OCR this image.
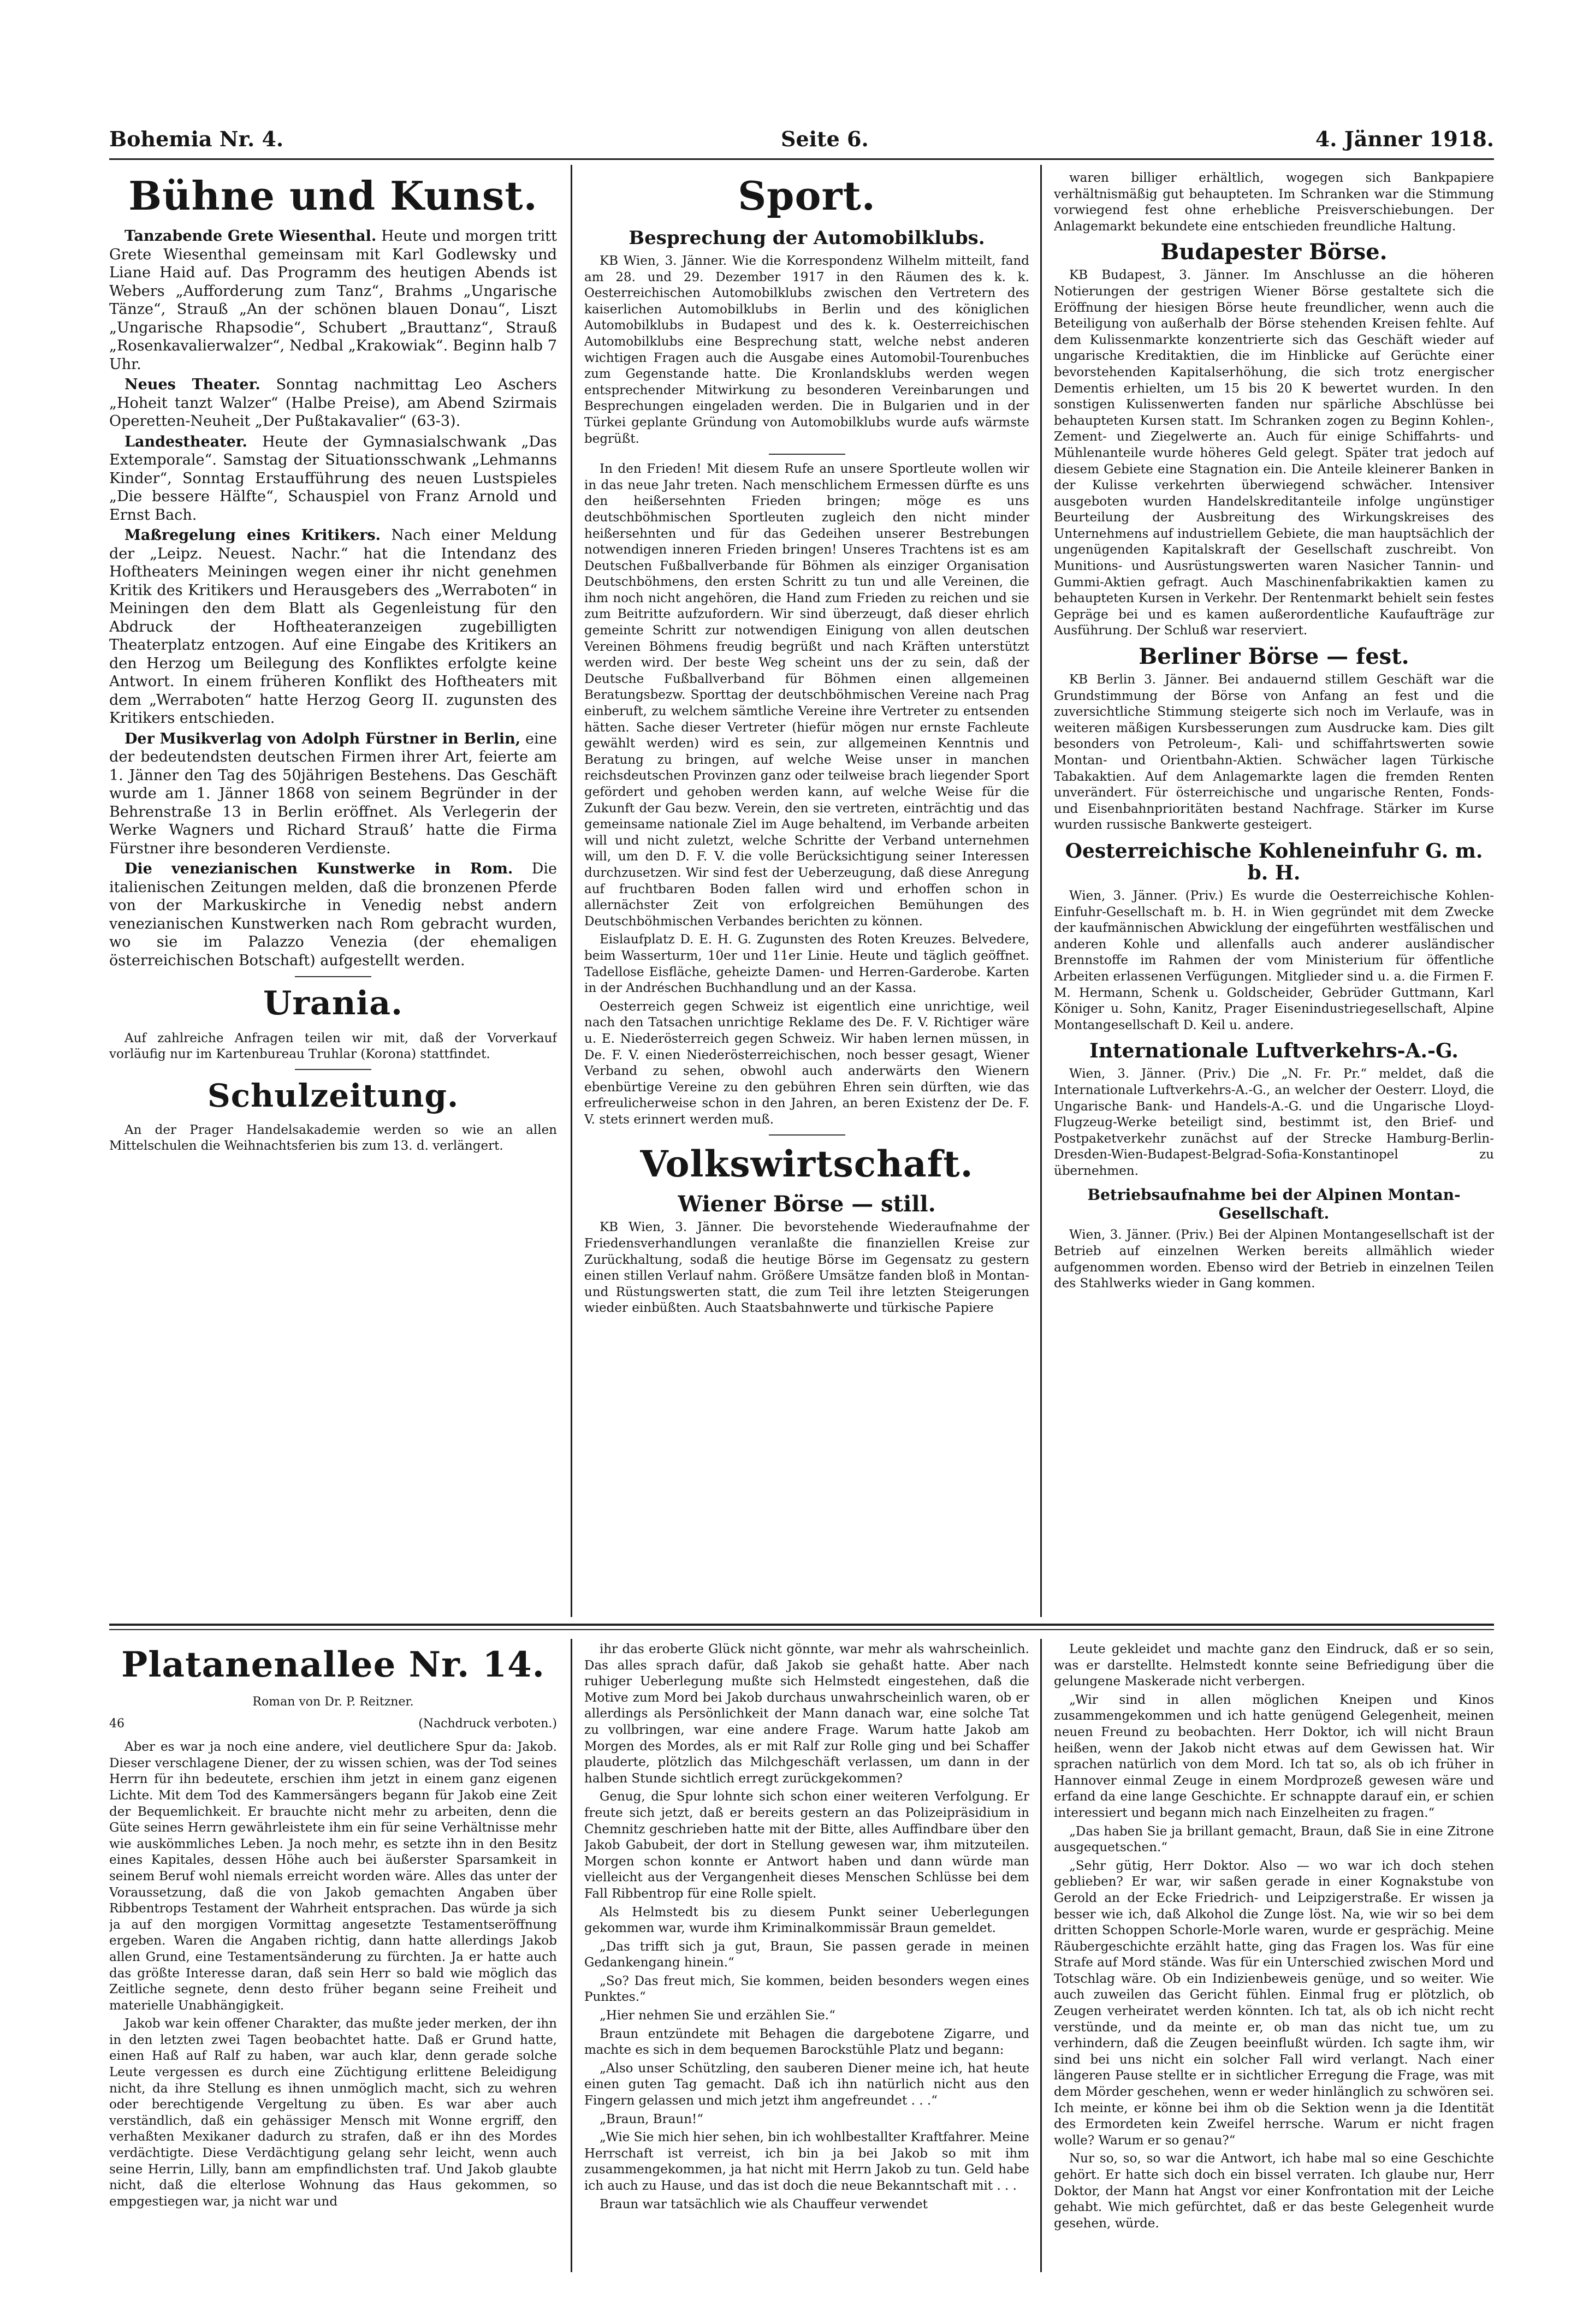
Bohemia Nr. 4.	Seite 6.	4. Jänner 1918.
Bühne und Kunst.

Tanzabende Grete Wiesenthal. Heute und morgen tritt Grete Wiesenthal gemeinsam mit Karl Godlewsky und Liane Haid auf. Das Programm des heutigen Abends ist Webers „Aufforderung zum Tanz“, Brahms „Ungarische Tänze“, Strauß „An der schönen blauen Donau“, Liszt „Ungarische Rhapsodie“, Schubert „Brauttanz“, Strauß „Rosenkavalierwalzer“, Nedbal „Krakowiak“. Beginn halb 7 Uhr.

Neues Theater. Sonntag nachmittag Leo Aschers „Hoheit tanzt Walzer“ (Halbe Preise), am Abend Szirmais Operetten-Neuheit „Der Pußtakavalier“ (63-3).

Landestheater. Heute der Gymnasialschwank „Das Extemporale“. Samstag der Situationsschwank „Lehmanns Kinder“, Sonntag Erstaufführung des neuen Lustspieles „Die bessere Hälfte“, Schauspiel von Franz Arnold und Ernst Bach.

Maßregelung eines Kritikers. Nach einer Meldung der „Leipz. Neuest. Nachr.“ hat die Intendanz des Hoftheaters Meiningen wegen einer ihr nicht genehmen Kritik des Kritikers und Herausgebers des „Werraboten“ in Meiningen den dem Blatt als Gegenleistung für den Abdruck der Hoftheateranzeigen zugebilligten Theaterplatz entzogen. Auf eine Eingabe des Kritikers an den Herzog um Beilegung des Konfliktes erfolgte keine Antwort. In einem früheren Konflikt des Hoftheaters mit dem „Werraboten“ hatte Herzog Georg II. zugunsten des Kritikers entschieden.

Der Musikverlag von Adolph Fürstner in Berlin, eine der bedeutendsten deutschen Firmen ihrer Art, feierte am 1. Jänner den Tag des 50jährigen Bestehens. Das Geschäft wurde am 1. Jänner 1868 von seinem Begründer in der Behrenstraße 13 in Berlin eröffnet. Als Verlegerin der Werke Wagners und Richard Strauß’ hatte die Firma Fürstner ihre besonderen Verdienste.

Die venezianischen Kunstwerke in Rom. Die italienischen Zeitungen melden, daß die bronzenen Pferde von der Markuskirche in Venedig nebst andern venezianischen Kunstwerken nach Rom gebracht wurden, wo sie im Palazzo Venezia (der ehemaligen österreichischen Botschaft) aufgestellt werden.

Urania.

Auf zahlreiche Anfragen teilen wir mit, daß der Vorverkauf vorläufig nur im Kartenbureau Truhlar (Korona) stattfindet.

Schulzeitung.

An der Prager Handelsakademie werden so wie an allen Mittelschulen die Weihnachtsferien bis zum 13. d. verlängert.

Sport.
Besprechung der Automobilklubs.

KB Wien, 3. Jänner. Wie die Korrespondenz Wilhelm mitteilt, fand am 28. und 29. Dezember 1917 in den Räumen des k. k. Oesterreichischen Automobilklubs zwischen den Vertretern des kaiserlichen Automobilklubs in Berlin und des königlichen Automobilklubs in Budapest und des k. k. Oesterreichischen Automobilklubs eine Besprechung statt, welche nebst anderen wichtigen Fragen auch die Ausgabe eines Automobil-Tourenbuches zum Gegenstande hatte. Die Kronlandsklubs werden wegen entsprechender Mitwirkung zu besonderen Vereinbarungen und Besprechungen eingeladen werden. Die in Bulgarien und in der Türkei geplante Gründung von Automobilklubs wurde aufs wärmste begrüßt.

In den Frieden! Mit diesem Rufe an unsere Sportleute wollen wir in das neue Jahr treten. Nach menschlichem Ermessen dürfte es uns den heißersehnten Frieden bringen; möge es uns deutschböhmischen Sportleuten zugleich den nicht minder heißersehnten und für das Gedeihen unserer Bestrebungen notwendigen inneren Frieden bringen! Unseres Trachtens ist es am Deutschen Fußballverbande für Böhmen als einziger Organisation Deutschböhmens, den ersten Schritt zu tun und alle Vereinen, die ihm noch nicht angehören, die Hand zum Frieden zu reichen und sie zum Beitritte aufzufordern. Wir sind überzeugt, daß dieser ehrlich gemeinte Schritt zur notwendigen Einigung von allen deutschen Vereinen Böhmens freudig begrüßt und nach Kräften unterstützt werden wird. Der beste Weg scheint uns der zu sein, daß der Deutsche Fußballverband für Böhmen einen allgemeinen Beratungsbezw. Sporttag der deutschböhmischen Vereine nach Prag einberuft, zu welchem sämtliche Vereine ihre Vertreter zu entsenden hätten. Sache dieser Vertreter (hiefür mögen nur ernste Fachleute gewählt werden) wird es sein, zur allgemeinen Kenntnis und Beratung zu bringen, auf welche Weise unser in manchen reichsdeutschen Provinzen ganz oder teilweise brach liegender Sport gefördert und gehoben werden kann, auf welche Weise für die Zukunft der Gau bezw. Verein, den sie vertreten, einträchtig und das gemeinsame nationale Ziel im Auge behaltend, im Verbande arbeiten will und nicht zuletzt, welche Schritte der Verband unternehmen will, um den D. F. V. die volle Berücksichtigung seiner Interessen durchzusetzen. Wir sind fest der Ueberzeugung, daß diese Anregung auf fruchtbaren Boden fallen wird und erhoffen schon in allernächster Zeit von erfolgreichen Bemühungen des Deutschböhmischen Verbandes berichten zu können.

Eislaufplatz D. E. H. G. Zugunsten des Roten Kreuzes. Belvedere, beim Wasserturm, 10er und 11er Linie. Heute und täglich geöffnet. Tadellose Eisfläche, geheizte Damen- und Herren-Garderobe. Karten in der Andréschen Buchhandlung und an der Kassa.

Oesterreich gegen Schweiz ist eigentlich eine unrichtige, weil nach den Tatsachen unrichtige Reklame des De. F. V. Richtiger wäre u. E. Niederösterreich gegen Schweiz. Wir haben lernen müssen, in De. F. V. einen Niederösterreichischen, noch besser gesagt, Wiener Verband zu sehen, obwohl auch anderwärts den Wienern ebenbürtige Vereine zu den gebühren Ehren sein dürften, wie das erfreulicherweise schon in den Jahren, an beren Existenz der De. F. V. stets erinnert werden muß.

Volkswirtschaft.
Wiener Börse — still.

KB Wien, 3. Jänner. Die bevorstehende Wiederaufnahme der Friedensverhandlungen veranlaßte die finanziellen Kreise zur Zurückhaltung, sodaß die heutige Börse im Gegensatz zu gestern einen stillen Verlauf nahm. Größere Umsätze fanden bloß in Montan- und Rüstungswerten statt, die zum Teil ihre letzten Steigerungen wieder einbüßten. Auch Staatsbahnwerte und türkische Papiere

waren billiger erhältlich, wogegen sich Bankpapiere verhältnismäßig gut behaupteten. Im Schranken war die Stimmung vorwiegend fest ohne erhebliche Preisverschiebungen. Der Anlagemarkt bekundete eine entschieden freundliche Haltung.

Budapester Börse.

KB Budapest, 3. Jänner. Im Anschlusse an die höheren Notierungen der gestrigen Wiener Börse gestaltete sich die Eröffnung der hiesigen Börse heute freundlicher, wenn auch die Beteiligung von außerhalb der Börse stehenden Kreisen fehlte. Auf dem Kulissenmarkte konzentrierte sich das Geschäft wieder auf ungarische Kreditaktien, die im Hinblicke auf Gerüchte einer bevorstehenden Kapitalserhöhung, die sich trotz energischer Dementis erhielten, um 15 bis 20 K bewertet wurden. In den sonstigen Kulissenwerten fanden nur spärliche Abschlüsse bei behaupteten Kursen statt. Im Schranken zogen zu Beginn Kohlen-, Zement- und Ziegelwerte an. Auch für einige Schiffahrts- und Mühlenanteile wurde höheres Geld gelegt. Später trat jedoch auf diesem Gebiete eine Stagnation ein. Die Anteile kleinerer Banken in der Kulisse verkehrten überwiegend schwächer. Intensiver ausgeboten wurden Handelskreditanteile infolge ungünstiger Beurteilung der Ausbreitung des Wirkungskreises des Unternehmens auf industriellem Gebiete, die man hauptsächlich der ungenügenden Kapitalskraft der Gesellschaft zuschreibt. Von Munitions- und Ausrüstungswerten waren Nasicher Tannin- und Gummi-Aktien gefragt. Auch Maschinenfabrikaktien kamen zu behaupteten Kursen in Verkehr. Der Rentenmarkt behielt sein festes Gepräge bei und es kamen außerordentliche Kaufaufträge zur Ausführung. Der Schluß war reserviert.

Berliner Börse — fest.

KB Berlin 3. Jänner. Bei andauernd stillem Geschäft war die Grundstimmung der Börse von Anfang an fest und die zuversichtliche Stimmung steigerte sich noch im Verlaufe, was in weiteren mäßigen Kursbesserungen zum Ausdrucke kam. Dies gilt besonders von Petroleum-, Kali- und schiffahrtswerten sowie Montan- und Orientbahn-Aktien. Schwächer lagen Türkische Tabakaktien. Auf dem Anlagemarkte lagen die fremden Renten unverändert. Für österreichische und ungarische Renten, Fonds- und Eisenbahnprioritäten bestand Nachfrage. Stärker im Kurse wurden russische Bankwerte gesteigert.

Oesterreichische Kohleneinfuhr G. m. b. H.

Wien, 3. Jänner. (Priv.) Es wurde die Oesterreichische Kohlen-Einfuhr-Gesellschaft m. b. H. in Wien gegründet mit dem Zwecke der kaufmännischen Abwicklung der eingeführten westfälischen und anderen Kohle und allenfalls auch anderer ausländischer Brennstoffe im Rahmen der vom Ministerium für öffentliche Arbeiten erlassenen Verfügungen. Mitglieder sind u. a. die Firmen F. M. Hermann, Schenk u. Goldscheider, Gebrüder Guttmann, Karl Königer u. Sohn, Kanitz, Prager Eisenindustriegesellschaft, Alpine Montangesellschaft D. Keil u. andere.

Internationale Luftverkehrs-A.-G.

Wien, 3. Jänner. (Priv.) Die „N. Fr. Pr.“ meldet, daß die Internationale Luftverkehrs-A.-G., an welcher der Oesterr. Lloyd, die Ungarische Bank- und Handels-A.-G. und die Ungarische Lloyd-Flugzeug-Werke beteiligt sind, bestimmt ist, den Brief- und Postpaketverkehr zunächst auf der Strecke Hamburg-Berlin-Dresden-Wien-Budapest-Belgrad-Sofia-Konstantinopel zu übernehmen.

Betriebsaufnahme bei der Alpinen Montan-Gesellschaft.

Wien, 3. Jänner. (Priv.) Bei der Alpinen Montangesellschaft ist der Betrieb auf einzelnen Werken bereits allmählich wieder aufgenommen worden. Ebenso wird der Betrieb in einzelnen Teilen des Stahlwerks wieder in Gang kommen.

Platanenallee Nr. 14.
Roman von Dr. P. Reitzner.
46	(Nachdruck verboten.)

Aber es war ja noch eine andere, viel deutlichere Spur da: Jakob. Dieser verschlagene Diener, der zu wissen schien, was der Tod seines Herrn für ihn bedeutete, erschien ihm jetzt in einem ganz eigenen Lichte. Mit dem Tod des Kammersängers begann für Jakob eine Zeit der Bequemlichkeit. Er brauchte nicht mehr zu arbeiten, denn die Güte seines Herrn gewährleistete ihm ein für seine Verhältnisse mehr wie auskömmliches Leben. Ja noch mehr, es setzte ihn in den Besitz eines Kapitales, dessen Höhe auch bei äußerster Sparsamkeit in seinem Beruf wohl niemals erreicht worden wäre. Alles das unter der Voraussetzung, daß die von Jakob gemachten Angaben über Ribbentrops Testament der Wahrheit entsprachen. Das würde ja sich ja auf den morgigen Vormittag angesetzte Testamentseröffnung ergeben. Waren die Angaben richtig, dann hatte allerdings Jakob allen Grund, eine Testamentsänderung zu fürchten. Ja er hatte auch das größte Interesse daran, daß sein Herr so bald wie möglich das Zeitliche segnete, denn desto früher begann seine Freiheit und materielle Unabhängigkeit.

Jakob war kein offener Charakter, das mußte jeder merken, der ihn in den letzten zwei Tagen beobachtet hatte. Daß er Grund hatte, einen Haß auf Ralf zu haben, war auch klar, denn gerade solche Leute vergessen es durch eine Züchtigung erlittene Beleidigung nicht, da ihre Stellung es ihnen unmöglich macht, sich zu wehren oder berechtigende Vergeltung zu üben. Es war aber auch verständlich, daß ein gehässiger Mensch mit Wonne ergriff, den verhaßten Mexikaner dadurch zu strafen, daß er ihn des Mordes verdächtigte. Diese Verdächtigung gelang sehr leicht, wenn auch seine Herrin, Lilly, bann am empfindlichsten traf. Und Jakob glaubte nicht, daß die elterlose Wohnung das Haus gekommen, so empgestiegen war, ja nicht war und

ihr das eroberte Glück nicht gönnte, war mehr als wahrscheinlich. Das alles sprach dafür, daß Jakob sie gehaßt hatte. Aber nach ruhiger Ueberlegung mußte sich Helmstedt eingestehen, daß die Motive zum Mord bei Jakob durchaus unwahrscheinlich waren, ob er allerdings als Persönlichkeit der Mann danach war, eine solche Tat zu vollbringen, war eine andere Frage. Warum hatte Jakob am Morgen des Mordes, als er mit Ralf zur Rolle ging und bei Schaffer plauderte, plötzlich das Milchgeschäft verlassen, um dann in der halben Stunde sichtlich erregt zurückgekommen?

Genug, die Spur lohnte sich schon einer weiteren Verfolgung. Er freute sich jetzt, daß er bereits gestern an das Polizeipräsidium in Chemnitz geschrieben hatte mit der Bitte, alles Auffindbare über den Jakob Gabubeit, der dort in Stellung gewesen war, ihm mitzuteilen. Morgen schon konnte er Antwort haben und dann würde man vielleicht aus der Vergangenheit dieses Menschen Schlüsse bei dem Fall Ribbentrop für eine Rolle spielt.

Als Helmstedt bis zu diesem Punkt seiner Ueberlegungen gekommen war, wurde ihm Kriminalkommissär Braun gemeldet.

„Das trifft sich ja gut, Braun, Sie passen gerade in meinen Gedankengang hinein.“

„So? Das freut mich, Sie kommen, beiden besonders wegen eines Punktes.“

„Hier nehmen Sie und erzählen Sie.“

Braun entzündete mit Behagen die dargebotene Zigarre, und machte es sich in dem bequemen Barockstühle Platz und begann:

„Also unser Schützling, den sauberen Diener meine ich, hat heute einen guten Tag gemacht. Daß ich ihn natürlich nicht aus den Fingern gelassen und mich jetzt ihm angefreundet . . .“

„Braun, Braun!“

„Wie Sie mich hier sehen, bin ich wohlbestallter Kraftfahrer. Meine Herrschaft ist verreist, ich bin ja bei Jakob so mit ihm zusammengekommen, ja hat nicht mit Herrn Jakob zu tun. Geld habe ich auch zu Hause, und das ist doch die neue Bekanntschaft mit . . .

Braun war tatsächlich wie als Chauffeur verwendet

Leute gekleidet und machte ganz den Eindruck, daß er so sein, was er darstellte. Helmstedt konnte seine Befriedigung über die gelungene Maskerade nicht verbergen.

„Wir sind in allen möglichen Kneipen und Kinos zusammengekommen und ich hatte genügend Gelegenheit, meinen neuen Freund zu beobachten. Herr Doktor, ich will nicht Braun heißen, wenn der Jakob nicht etwas auf dem Gewissen hat. Wir sprachen natürlich von dem Mord. Ich tat so, als ob ich früher in Hannover einmal Zeuge in einem Mordprozeß gewesen wäre und erfand da eine lange Geschichte. Er schnappte darauf ein, er schien interessiert und begann mich nach Einzelheiten zu fragen.“

„Das haben Sie ja brillant gemacht, Braun, daß Sie in eine Zitrone ausgequetschen.“

„Sehr gütig, Herr Doktor. Also — wo war ich doch stehen geblieben? Er war, wir saßen gerade in einer Kognakstube von Gerold an der Ecke Friedrich- und Leipzigerstraße. Er wissen ja besser wie ich, daß Alkohol die Zunge löst. Na, wie wir so bei dem dritten Schoppen Schorle-Morle waren, wurde er gesprächig. Meine Räubergeschichte erzählt hatte, ging das Fragen los. Was für eine Strafe auf Mord stände. Was für ein Unterschied zwischen Mord und Totschlag wäre. Ob ein Indizienbeweis genüge, und so weiter. Wie auch zuweilen das Gericht fühlen. Einmal frug er plötzlich, ob Zeugen verheiratet werden könnten. Ich tat, als ob ich nicht recht verstünde, und da meinte er, ob man das nicht tue, um zu verhindern, daß die Zeugen beeinflußt würden. Ich sagte ihm, wir sind bei uns nicht ein solcher Fall wird verlangt. Nach einer längeren Pause stellte er in sichtlicher Erregung die Frage, was mit dem Mörder geschehen, wenn er weder hinlänglich zu schwören sei. Ich meinte, er könne bei ihm ob die Sektion wenn ja die Identität des Ermordeten kein Zweifel herrsche. Warum er nicht fragen wolle? Warum er so genau?“

Nur so, so, so war die Antwort, ich habe mal so eine Geschichte gehört. Er hatte sich doch ein bissel verraten. Ich glaube nur, Herr Doktor, der Mann hat Angst vor einer Konfrontation mit der Leiche gehabt. Wie mich gefürchtet, daß er das beste Gelegenheit wurde gesehen, würde.
